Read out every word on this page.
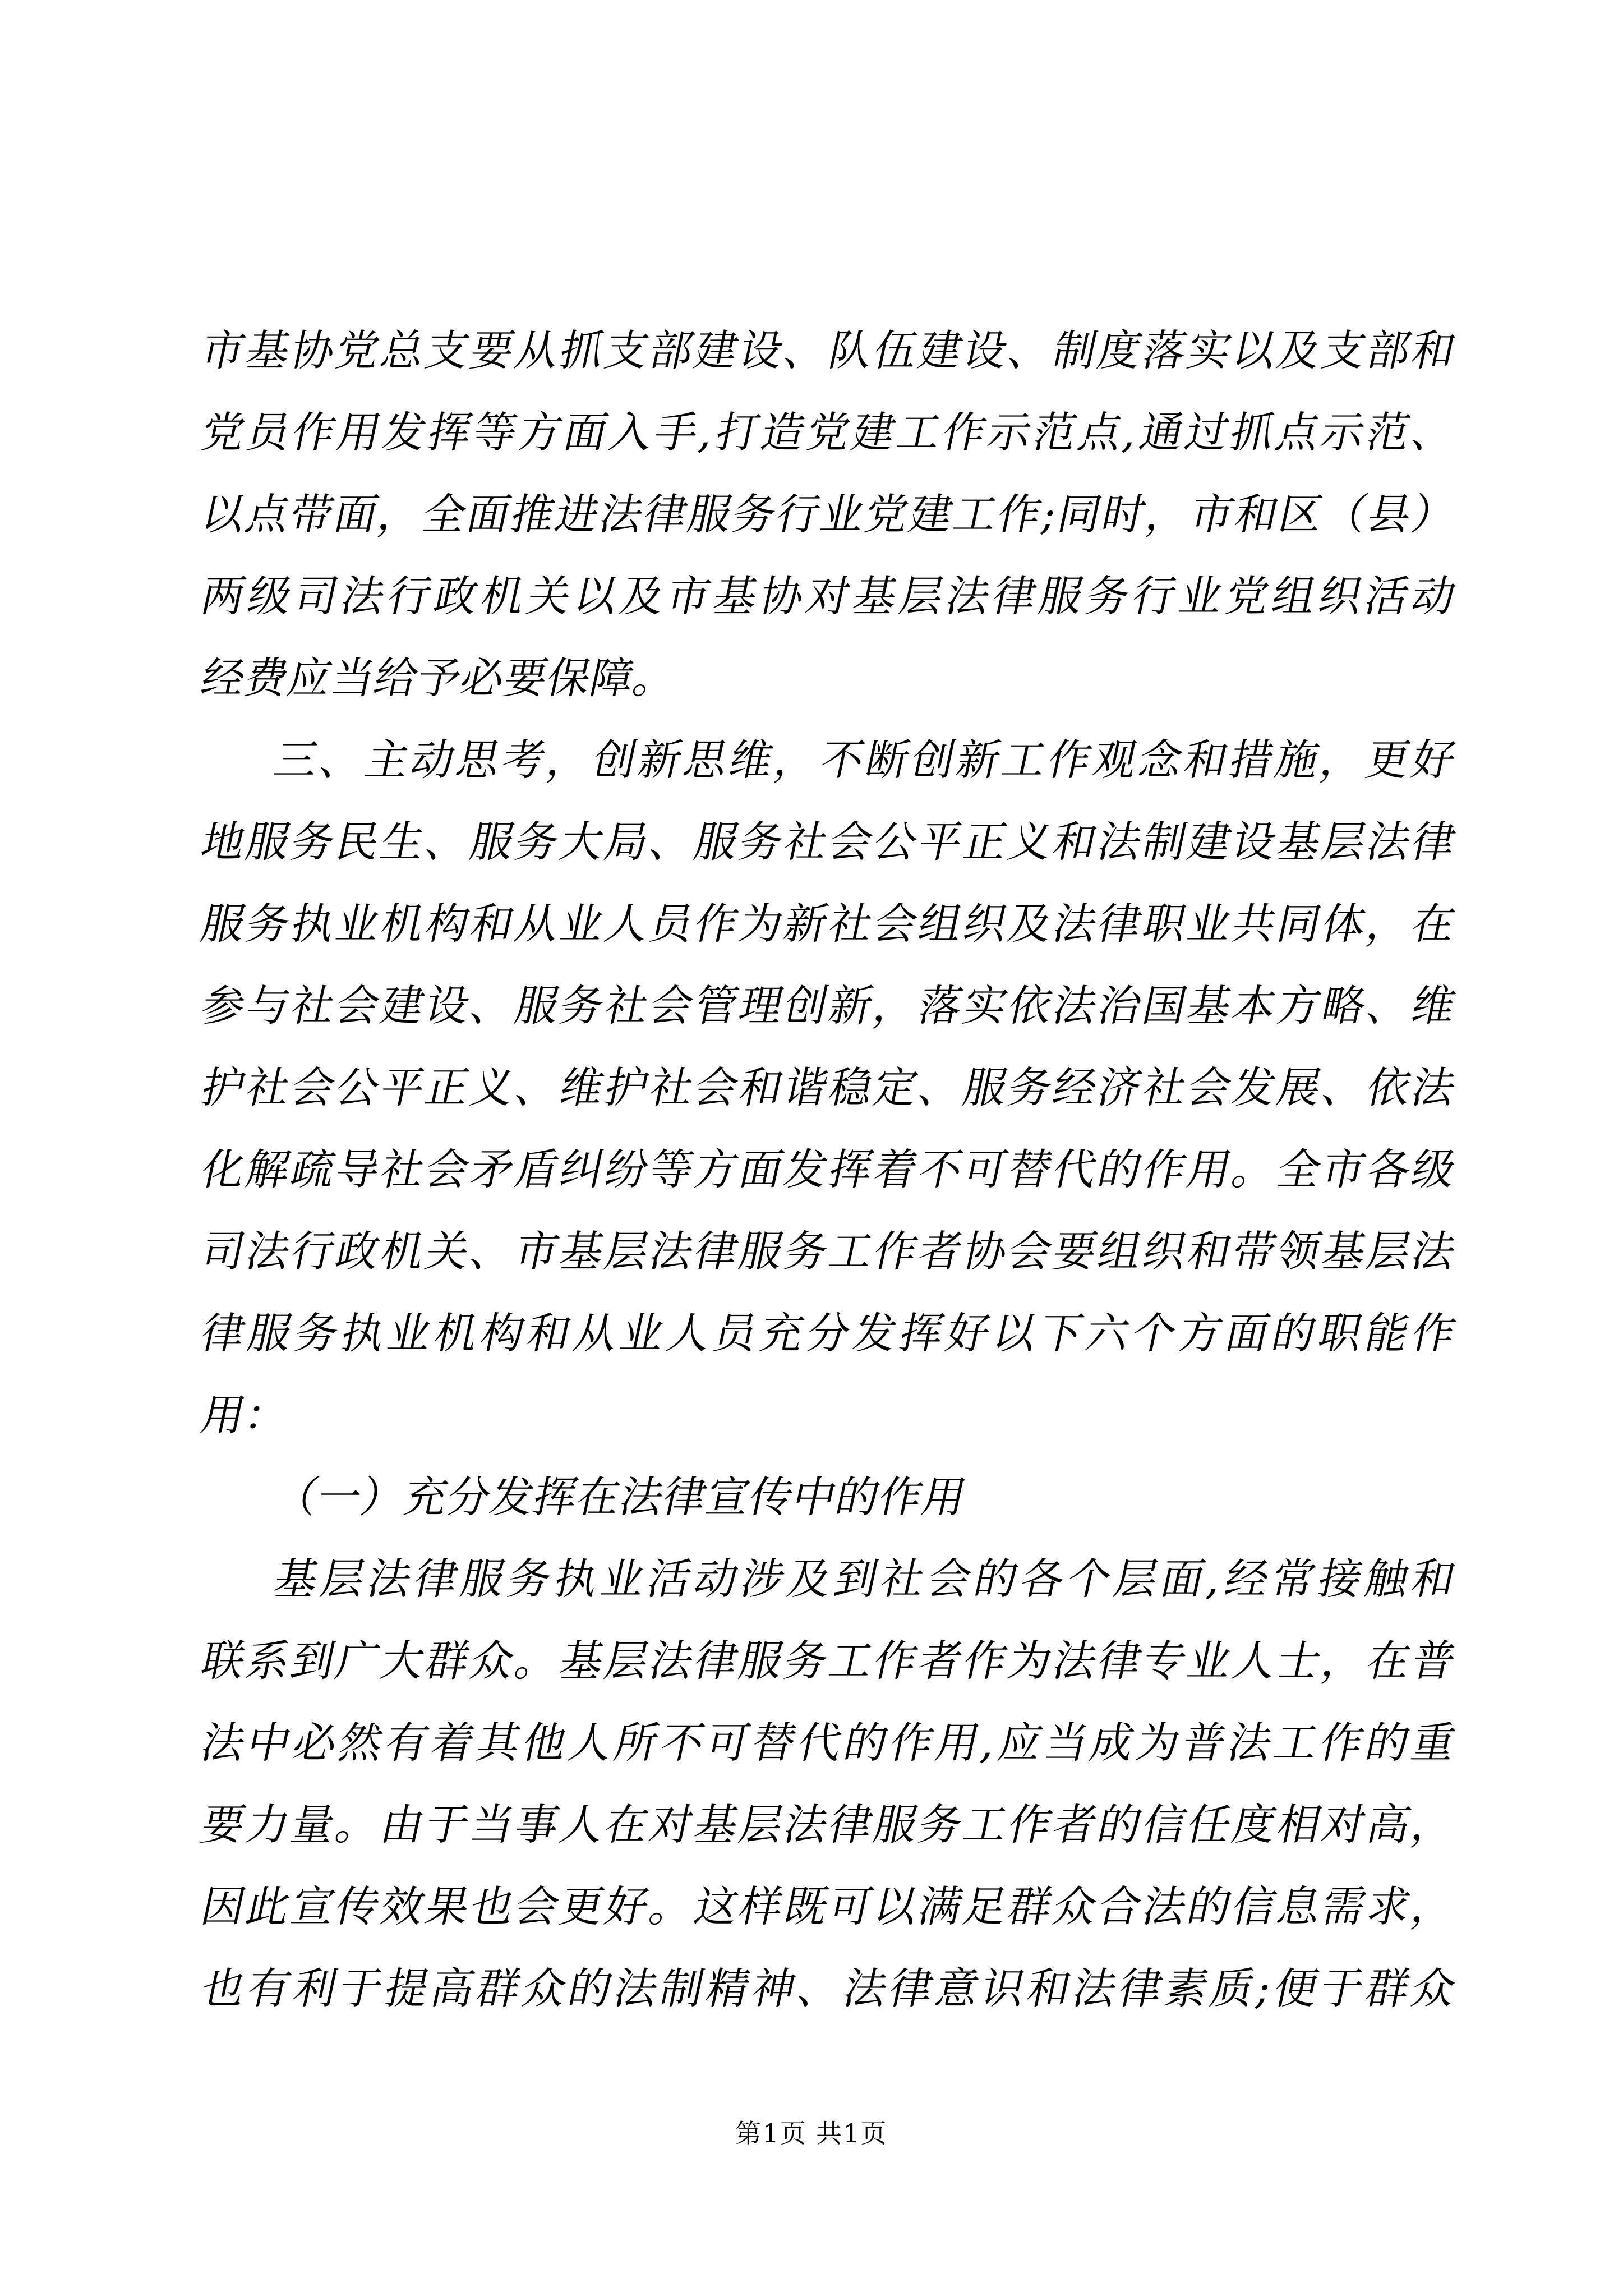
市基协党总支要从抓支部建设、队伍建设、制度落实以及支部和
党员作用发挥等方面入手,打造党建工作示范点,通过抓点示范、
以点带面，全面推进法律服务行业党建工作;同时，市和区（县）
两级司法行政机关以及市基协对基层法律服务行业党组织活动
经费应当给予必要保障。
三、主动思考，创新思维，不断创新工作观念和措施，更好
地服务民生、服务大局、服务社会公平正义和法制建设基层法律
服务执业机构和从业人员作为新社会组织及法律职业共同体，在
参与社会建设、服务社会管理创新，落实依法治国基本方略、维
护社会公平正义、维护社会和谐稳定、服务经济社会发展、依法
化解疏导社会矛盾纠纷等方面发挥着不可替代的作用。全市各级
司法行政机关、市基层法律服务工作者协会要组织和带领基层法
律服务执业机构和从业人员充分发挥好以下六个方面的职能作
用：
（一）充分发挥在法律宣传中的作用
基层法律服务执业活动涉及到社会的各个层面,经常接触和
联系到广大群众。基层法律服务工作者作为法律专业人士，在普
法中必然有着其他人所不可替代的作用,应当成为普法工作的重
要力量。由于当事人在对基层法律服务工作者的信任度相对高，
因此宣传效果也会更好。这样既可以满足群众合法的信息需求，
也有利于提高群众的法制精神、法律意识和法律素质;便于群众
第1页 共1页
